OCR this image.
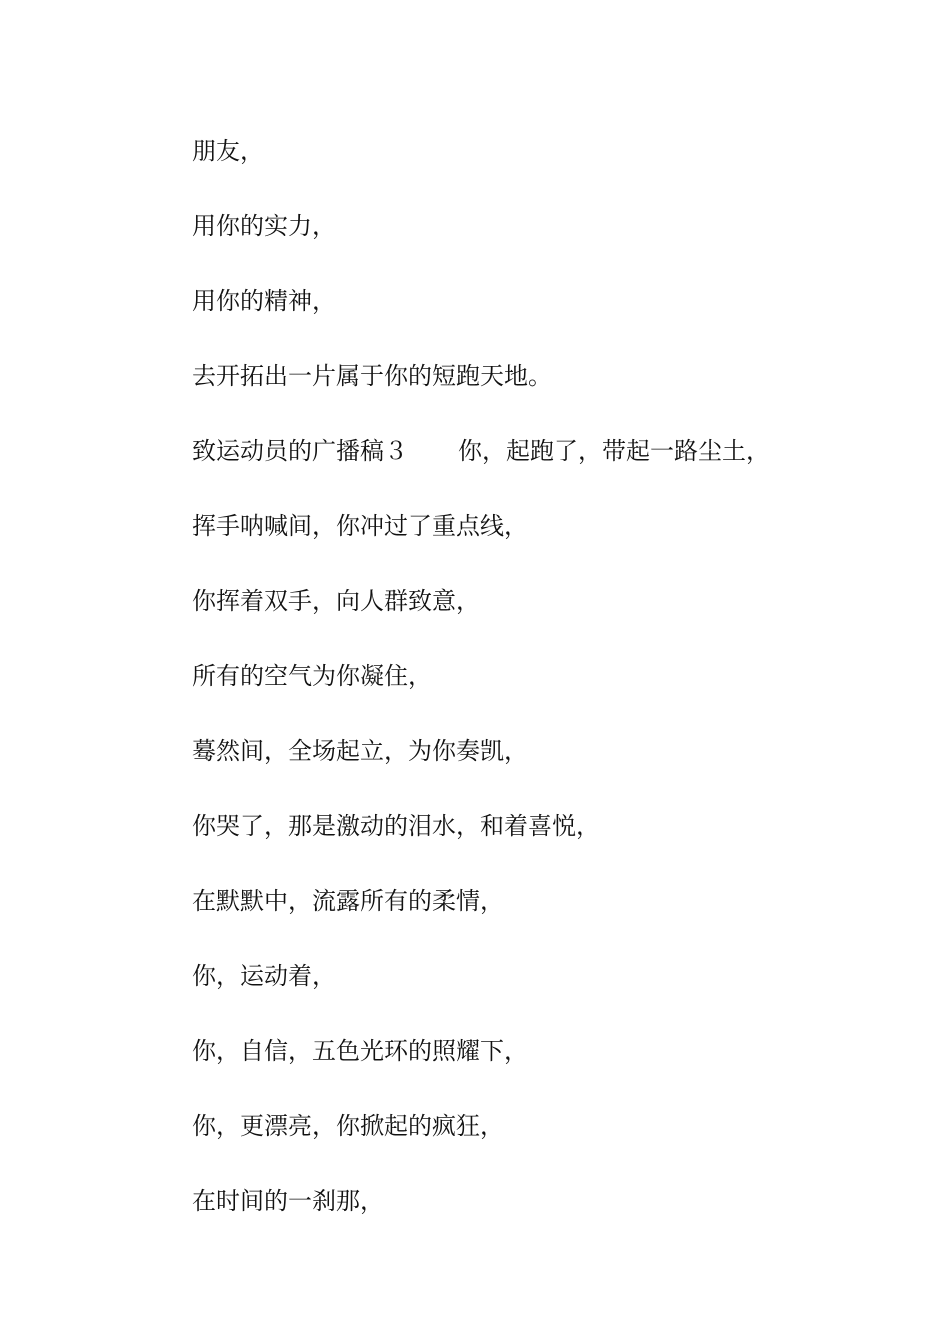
朋友，
用你的实力，
用你的精神，
去开拓出一片属于你的短跑天地。
致运动员的广播稿３ 你，起跑了，带起一路尘土，
挥手呐喊间，你冲过了重点线，
你挥着双手，向人群致意，
所有的空气为你凝住，
蓦然间，全场起立，为你奏凯，
你哭了，那是激动的泪水，和着喜悦，
在默默中，流露所有的柔情，
你，运动着，
你，自信，五色光环的照耀下，
你，更漂亮，你掀起的疯狂，
在时间的一刹那，
